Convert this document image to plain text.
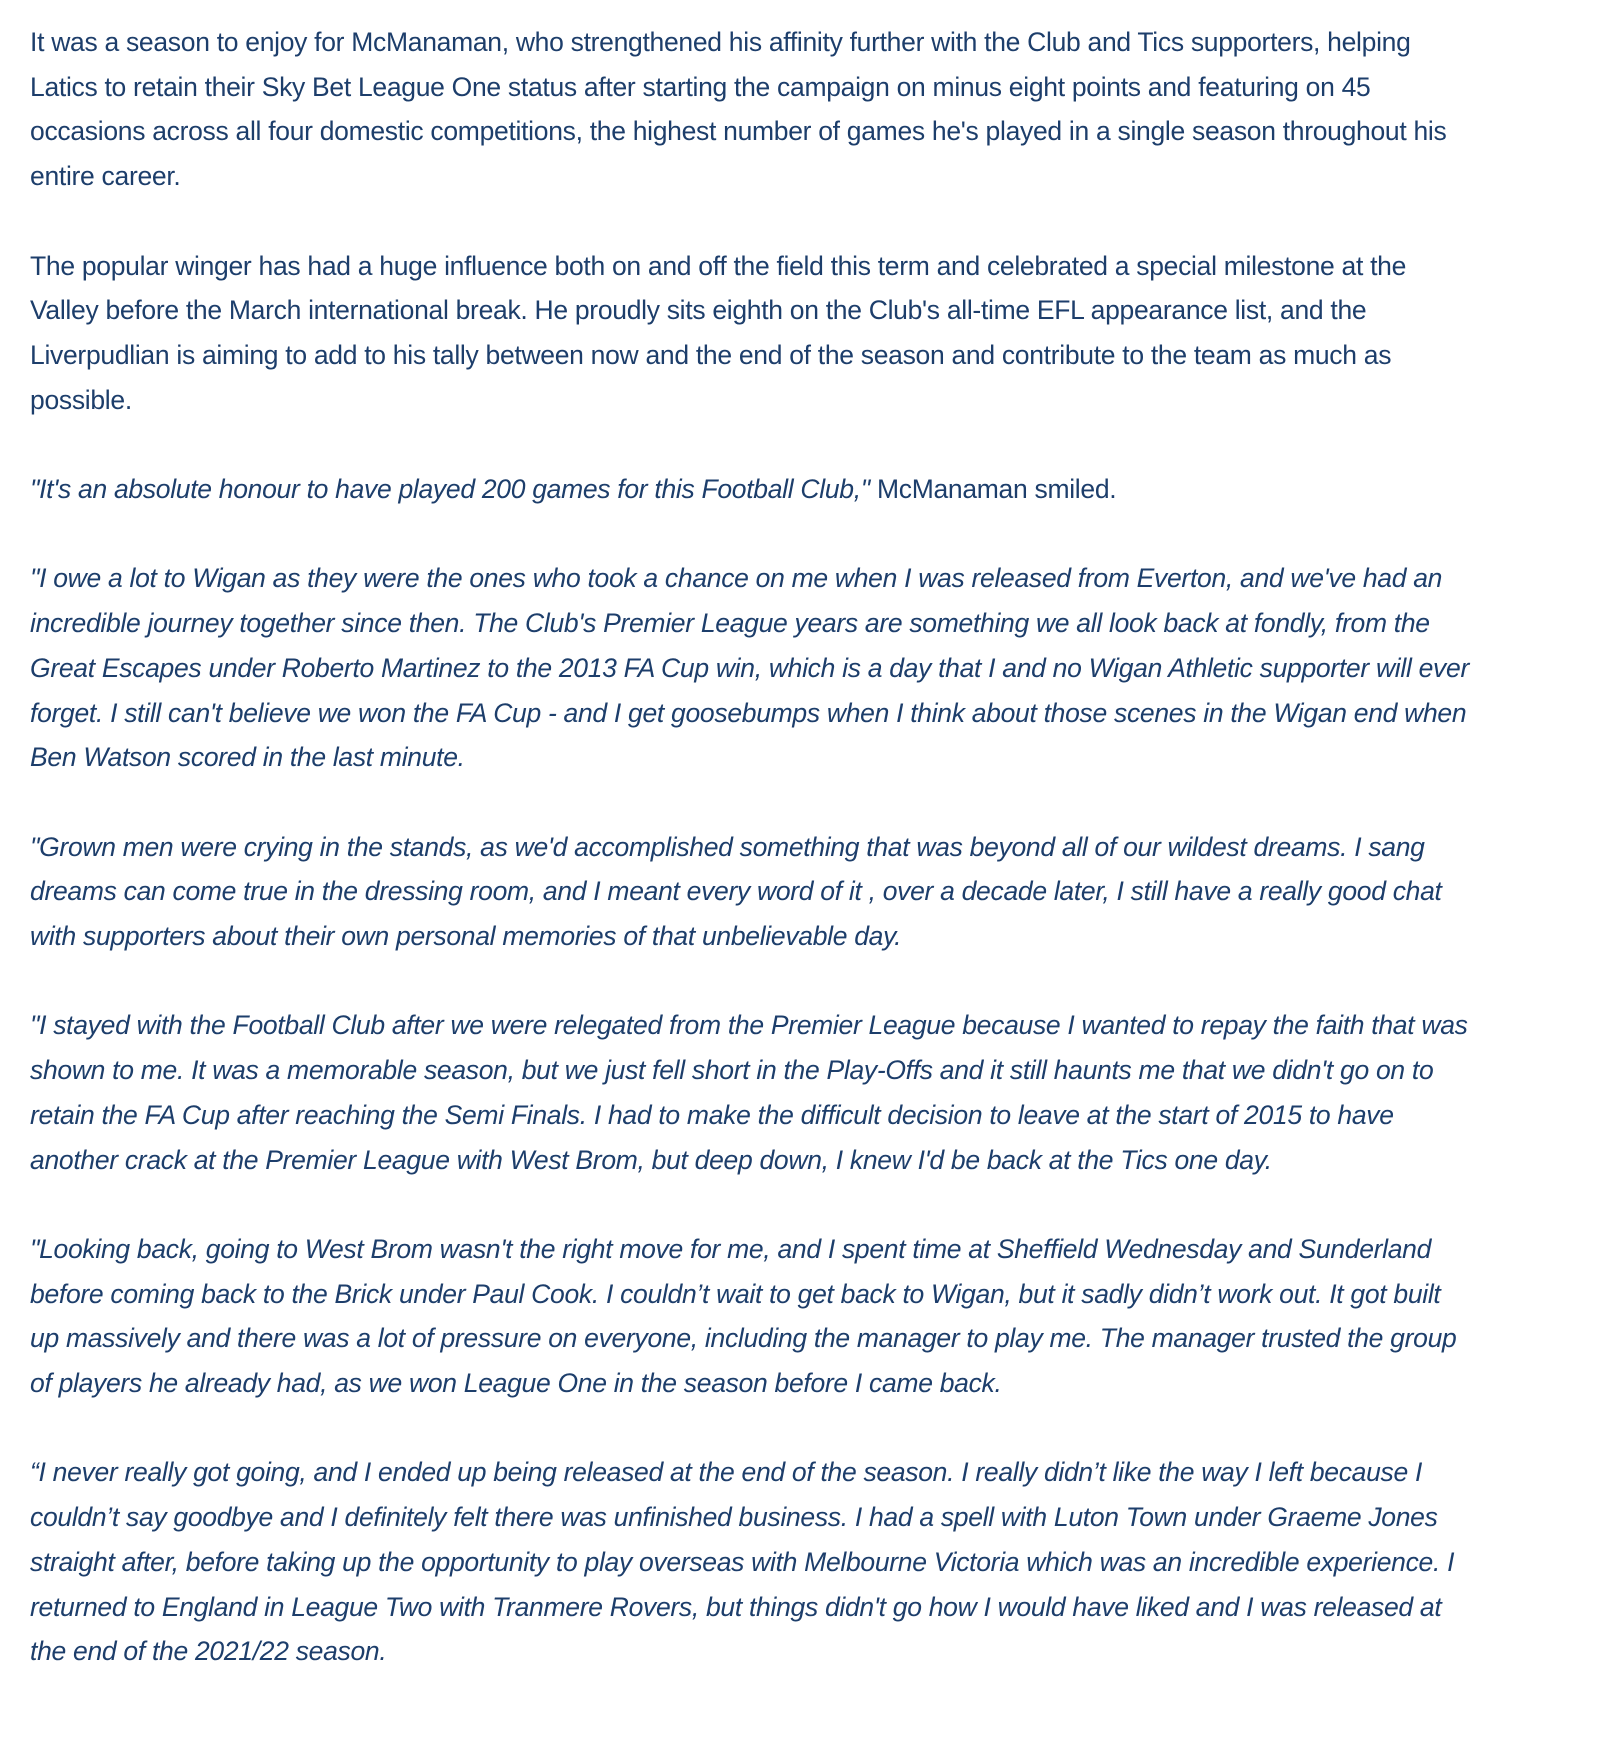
It was a season to enjoy for McManaman, who strengthened his affinity further with the Club and Tics supporters, helping Latics to retain their Sky Bet League One status after starting the campaign on minus eight points and featuring on 45 occasions across all four domestic competitions, the highest number of games he's played in a single season throughout his entire career.

The popular winger has had a huge influence both on and off the field this term and celebrated a special milestone at the Valley before the March international break. He proudly sits eighth on the Club's all-time EFL appearance list, and the Liverpudlian is aiming to add to his tally between now and the end of the season and contribute to the team as much as possible.

"It's an absolute honour to have played 200 games for this Football Club," McManaman smiled.

"I owe a lot to Wigan as they were the ones who took a chance on me when I was released from Everton, and we've had an incredible journey together since then. The Club's Premier League years are something we all look back at fondly, from the Great Escapes under Roberto Martinez to the 2013 FA Cup win, which is a day that I and no Wigan Athletic supporter will ever forget. I still can't believe we won the FA Cup - and I get goosebumps when I think about those scenes in the Wigan end when Ben Watson scored in the last minute.

"Grown men were crying in the stands, as we'd accomplished something that was beyond all of our wildest dreams. I sang dreams can come true in the dressing room, and I meant every word of it , over a decade later, I still have a really good chat with supporters about their own personal memories of that unbelievable day.

"I stayed with the Football Club after we were relegated from the Premier League because I wanted to repay the faith that was shown to me. It was a memorable season, but we just fell short in the Play-Offs and it still haunts me that we didn't go on to retain the FA Cup after reaching the Semi Finals. I had to make the difficult decision to leave at the start of 2015 to have another crack at the Premier League with West Brom, but deep down, I knew I'd be back at the Tics one day.

"Looking back, going to West Brom wasn't the right move for me, and I spent time at Sheffield Wednesday and Sunderland before coming back to the Brick under Paul Cook. I couldn’t wait to get back to Wigan, but it sadly didn’t work out. It got built up massively and there was a lot of pressure on everyone, including the manager to play me. The manager trusted the group of players he already had, as we won League One in the season before I came back.

“I never really got going, and I ended up being released at the end of the season. I really didn’t like the way I left because I couldn’t say goodbye and I definitely felt there was unfinished business. I had a spell with Luton Town under Graeme Jones straight after, before taking up the opportunity to play overseas with Melbourne Victoria which was an incredible experience. I returned to England in League Two with Tranmere Rovers, but things didn't go how I would have liked and I was released at the end of the 2021/22 season.
